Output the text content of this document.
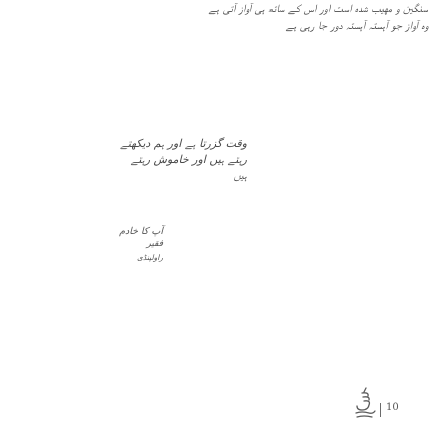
ﺳﻨﮕﻴﻦ ﻭ ﻣﻬﯿﺐ ﺷﺪﮦ ﺍﺳﺖ ﺍﻭﺭ ﺍﺱ ﮐﮯ ﺳﺎﺗﮫ ﮨﯽ ﺁﻭﺍﺯ ﺁﺗﯽ ﮨﮯ
ﻭﮦ ﺁﻭﺍﺯ ﺟﻮ ﺁﮨﺴﺘﮧ ﺁﮨﺴﺘﮧ ﺩﻭﺭ ﺟﺎ ﺭﮨﯽ ﮨﮯ
ﻭﻗﺖ ﮔﺰﺭﺗﺎ ﮨﮯ ﺍﻭﺭ ﮨﻢ ﺩﯾﮑﮭﺘﮯ
ﺭﮨﺘﮯ ﮨﯿﮟ ﺍﻭﺭ ﺧﺎﻣﻮﺵ ﺭﮨﺘﮯ
ﮨﯿﮟ
ﺁﭖ ﮐﺎ ﺧﺎﺩﻡ
ﻓﻘﯿﺮ
ﺭﺍﻭﻟﭙﻨﮉﯼ
10
